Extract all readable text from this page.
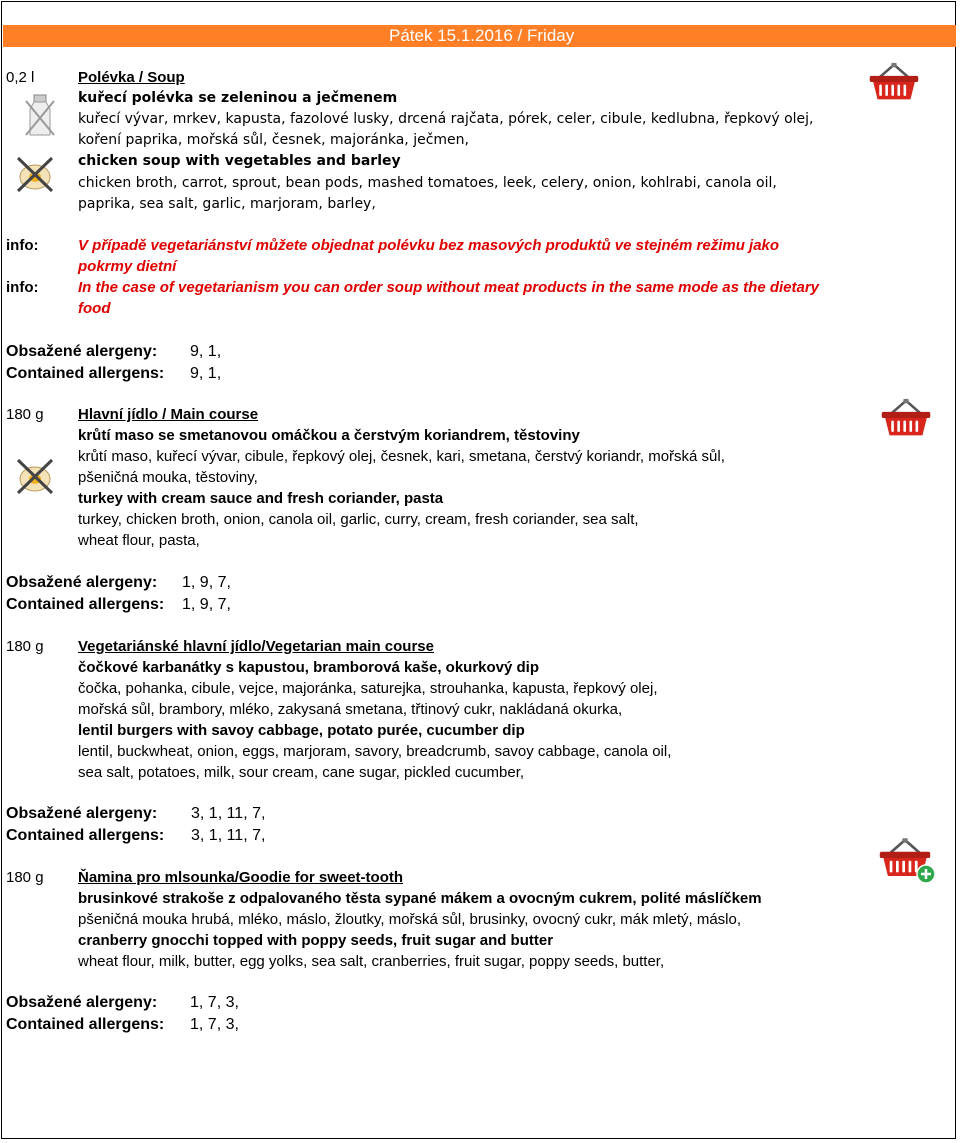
Pátek 15.1.2016 / Friday
0,2 l	Polévka / Soup
kuřecí polévka se zeleninou a ječmenem
kuřecí vývar, mrkev, kapusta, fazolové lusky, drcená rajčata, pórek, celer, cibule, kedlubna, řepkový olej,
koření paprika, mořská sůl, česnek, majoránka, ječmen,
chicken soup with vegetables and barley
chicken broth, carrot, sprout, bean pods, mashed tomatoes, leek, celery, onion, kohlrabi, canola oil,
paprika, sea salt, garlic, marjoram, barley,
info:	V případě vegetariánství můžete objednat polévku bez masových produktů ve stejném režimu jako
pokrmy dietní
info:	In the case of vegetarianism you can order soup without meat products in the same mode as the dietary
food
Obsažené alergeny: 9, 1,
Contained allergens: 9, 1,
180 g Hlavní jídlo / Main course
krůtí maso se smetanovou omáčkou a čerstvým koriandrem, těstoviny
krůtí maso, kuřecí vývar, cibule, řepkový olej, česnek, kari, smetana, čerstvý koriandr, mořská sůl,
pšeničná mouka, těstoviny,
turkey with cream sauce and fresh coriander, pasta
turkey, chicken broth, onion, canola oil, garlic, curry, cream, fresh coriander, sea salt,
wheat flour, pasta,
Obsažené alergeny: 1, 9, 7,
Contained allergens: 1, 9, 7,
180 g Vegetariánské hlavní jídlo/Vegetarian main course
čočkové karbanátky s kapustou, bramborová kaše, okurkový dip
čočka, pohanka, cibule, vejce, majoránka, saturejka, strouhanka, kapusta, řepkový olej,
mořská sůl, brambory, mléko, zakysaná smetana, třtinový cukr, nakládaná okurka,
lentil burgers with savoy cabbage, potato purée, cucumber dip
lentil, buckwheat, onion, eggs, marjoram, savory, breadcrumb, savoy cabbage, canola oil,
sea salt, potatoes, milk, sour cream, cane sugar, pickled cucumber,
Obsažené alergeny: 3, 1, 11, 7,
Contained allergens: 3, 1, 11, 7,
180 g Ňamina pro mlsounka/Goodie for sweet-tooth
brusinkové strakoše z odpalovaného těsta sypané mákem a ovocným cukrem, polité máslíčkem
pšeničná mouka hrubá, mléko, máslo, žloutky, mořská sůl, brusinky, ovocný cukr, mák mletý, máslo,
cranberry gnocchi topped with poppy seeds, fruit sugar and butter
wheat flour, milk, butter, egg yolks, sea salt, cranberries, fruit sugar, poppy seeds, butter,
Obsažené alergeny: 1, 7, 3,
Contained allergens: 1, 7, 3,
